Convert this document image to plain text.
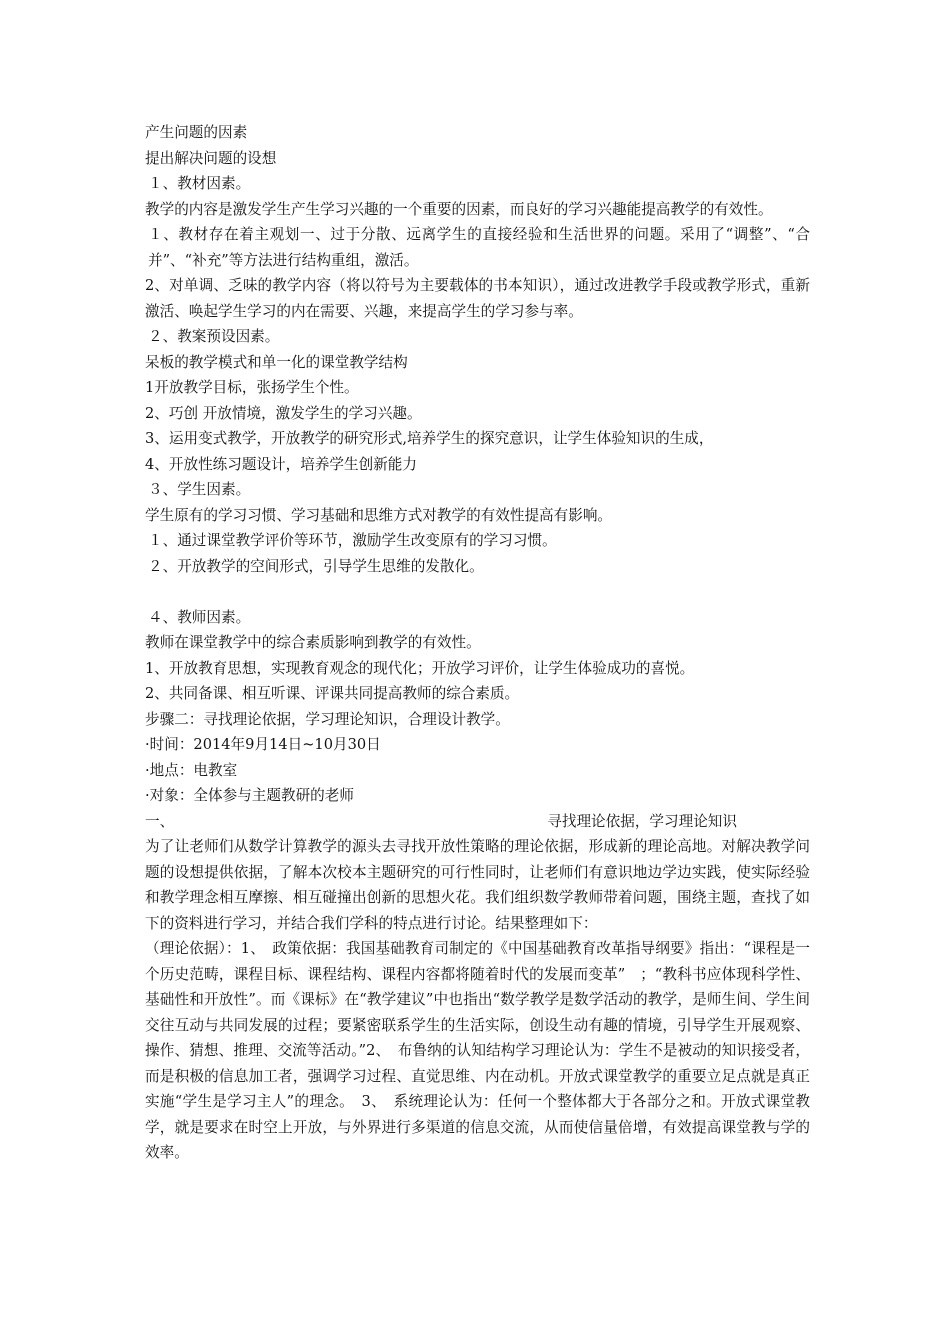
产生问题的因素
提出解决问题的设想
１、教材因素。
教学的内容是激发学生产生学习兴趣的一个重要的因素，而良好的学习兴趣能提高教学的有效性。
１、教材存在着主观划一、过于分散、远离学生的直接经验和生活世界的问题。采用了“调整”、“合并”、“补充”等方法进行结构重组，激活。
2、对单调、乏味的教学内容（将以符号为主要载体的书本知识），通过改进教学手段或教学形式，重新激活、唤起学生学习的内在需要、兴趣，来提高学生的学习参与率。
２、教案预设因素。
呆板的教学模式和单一化的课堂教学结构
1开放教学目标，张扬学生个性。
2、巧创 开放情境，激发学生的学习兴趣。
3、运用变式教学，开放教学的研究形式,培养学生的探究意识，让学生体验知识的生成，
4、开放性练习题设计，培养学生创新能力
３、学生因素。
学生原有的学习习惯、学习基础和思维方式对教学的有效性提高有影响。
１、通过课堂教学评价等环节，激励学生改变原有的学习习惯。
２、开放教学的空间形式，引导学生思维的发散化。
４、教师因素。
教师在课堂教学中的综合素质影响到教学的有效性。
1、开放教育思想，实现教育观念的现代化；开放学习评价，让学生体验成功的喜悦。
2、共同备课、相互听课、评课共同提高教师的综合素质。
步骤二：寻找理论依据，学习理论知识，合理设计教学。
·时间：2014年9月14日~10月30日
·地点：电教室
·对象：全体参与主题教研的老师
一、	寻找理论依据，学习理论知识
为了让老师们从数学计算教学的源头去寻找开放性策略的理论依据，形成新的理论高地。对解决教学问题的设想提供依据，了解本次校本主题研究的可行性同时，让老师们有意识地边学边实践，使实际经验和教学理念相互摩擦、相互碰撞出创新的思想火花。我们组织数学教师带着问题，围绕主题，查找了如下的资料进行学习，并结合我们学科的特点进行讨论。结果整理如下：
（理论依据）：1、　政策依据：我国基础教育司制定的《中国基础教育改革指导纲要》指出：“课程是一个历史范畴，课程目标、课程结构、课程内容都将随着时代的发展而变革”　；“教科书应体现科学性、基础性和开放性”。而《课标》在“教学建议”中也指出“数学教学是数学活动的教学，是师生间、学生间交往互动与共同发展的过程；要紧密联系学生的生活实际，创设生动有趣的情境，引导学生开展观察、操作、猜想、推理、交流等活动。”2、　布鲁纳的认知结构学习理论认为：学生不是被动的知识接受者，而是积极的信息加工者，强调学习过程、直觉思维、内在动机。开放式课堂教学的重要立足点就是真正实施“学生是学习主人”的理念。　3、　系统理论认为：任何一个整体都大于各部分之和。开放式课堂教学，就是要求在时空上开放，与外界进行多渠道的信息交流，从而使信量倍增，有效提高课堂教与学的效率。
